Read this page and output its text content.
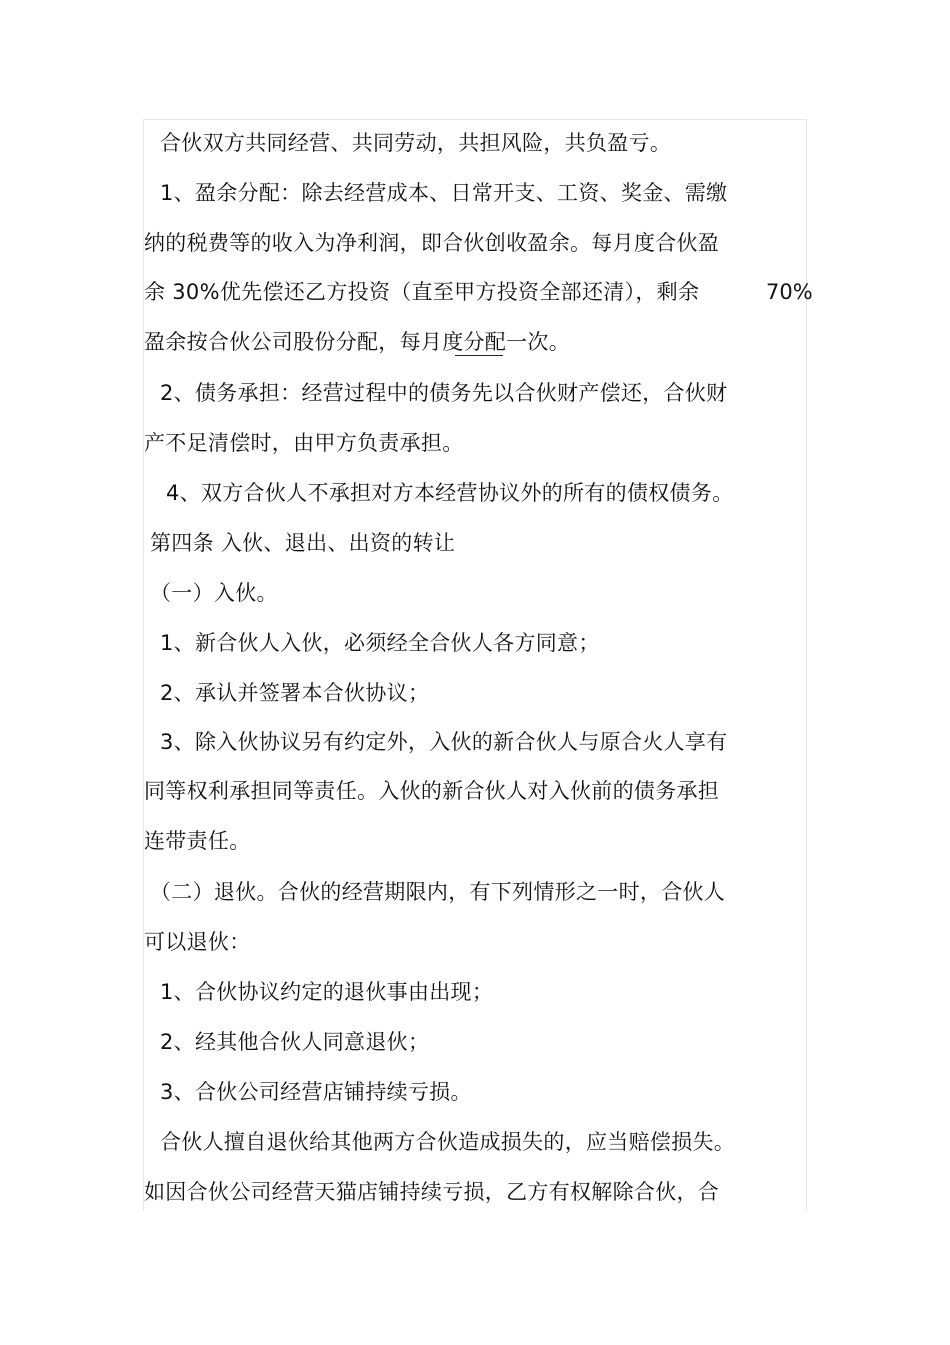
合伙双方共同经营、共同劳动，共担风险，共负盈亏。
1、盈余分配：除去经营成本、日常开支、工资、奖金、需缴
纳的税费等的收入为净利润，即合伙创收盈余。每月度合伙盈
余 30%优先偿还乙方投资（直至甲方投资全部还清），剩余	70%
盈余按合伙公司股份分配，每月度分配一次。
2、债务承担：经营过程中的债务先以合伙财产偿还，合伙财
产不足清偿时，由甲方负责承担。
4、双方合伙人不承担对方本经营协议外的所有的债权债务。
第四条 入伙、退出、出资的转让
（一）入伙。
1、新合伙人入伙，必须经全合伙人各方同意；
2、承认并签署本合伙协议；
3、除入伙协议另有约定外，入伙的新合伙人与原合火人享有
同等权利承担同等责任。入伙的新合伙人对入伙前的债务承担
连带责任。
（二）退伙。合伙的经营期限内，有下列情形之一时，合伙人
可以退伙：
1、合伙协议约定的退伙事由出现；
2、经其他合伙人同意退伙；
3、合伙公司经营店铺持续亏损。
合伙人擅自退伙给其他两方合伙造成损失的，应当赔偿损失。
如因合伙公司经营天猫店铺持续亏损，乙方有权解除合伙，合
